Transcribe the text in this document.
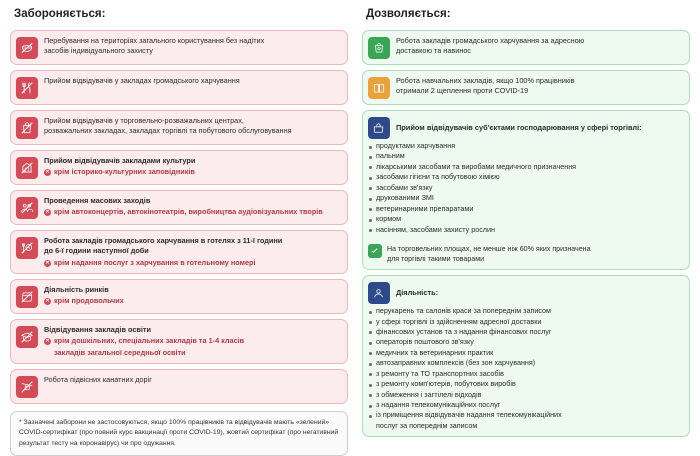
Забороняється:
Перебування на територіях загального користування без надітих
засобів індивідуального захисту
Прийом відвідувачів у закладах громадського харчування
Прийом відвідувачів у торговельно-розважальних центрах,
розважальних закладах, закладах торгівлі та побутового обслуговування
Прийом відвідувачів закладами культури
✕ крім історико-культурних заповідників
Проведення масових заходів
✕ крім автоконцертів, автокінотеатрів, виробництва аудіовізуальних творів
Робота закладів громадського харчування в готелях з 11-ї години
до 6-ї години наступної доби
✕ крім надання послуг з харчування в готельному номері
Діяльність ринків
✕ крім продовольчих
Відвідування закладів освіти
✕ крім дошкільних, спеціальних закладів та 1-4 класів
закладів загальної середньої освіти
Робота підвісних канатних доріг
* Зазначені заборони не застосовуються, якщо 100% працівників та відвідувачів мають «зелений» COVID-сертифікат (про повний курс вакцинації проти COVID-19), жовтий сертифікат (про негативний результат тесту на коронавірус) чи про одужання.
Дозволяється:
Робота закладів громадського харчування за адресною
доставкою та навинос
Робота навчальних закладів, якщо 100% працівників
отримали 2 щеплення проти COVID-19
Прийом відвідувачів суб'єктами господарювання у сфері торгівлі:
продуктами харчування
пальним
лікарськими засобами та виробами медичного призначення
засобами гігієни та побутовою хімією
засобами зв'язку
друкованими ЗМІ
ветеринарними препаратами
кормом
насінням, засобами захисту рослин
На торговельних площах, не менше ніж 60% яких призначена
для торгівлі такими товарами
Діяльність:
перукарень та салонів краси за попереднім записом
у сфері торгівлі із здійсненням адресної доставки
фінансових установ та з надання фінансових послуг
операторів поштового зв'язку
медичних та ветеринарних практик
автозаправних комплексів (без зон харчування)
з ремонту та ТО транспортних засобів
з ремонту комп'ютерів, побутових виробів
з обмеження і загтілелі відходів
з надання телекомунікаційних послуг
із приміщення відвідувачів надання телекомунікаційних
послуг за попереднім записом
